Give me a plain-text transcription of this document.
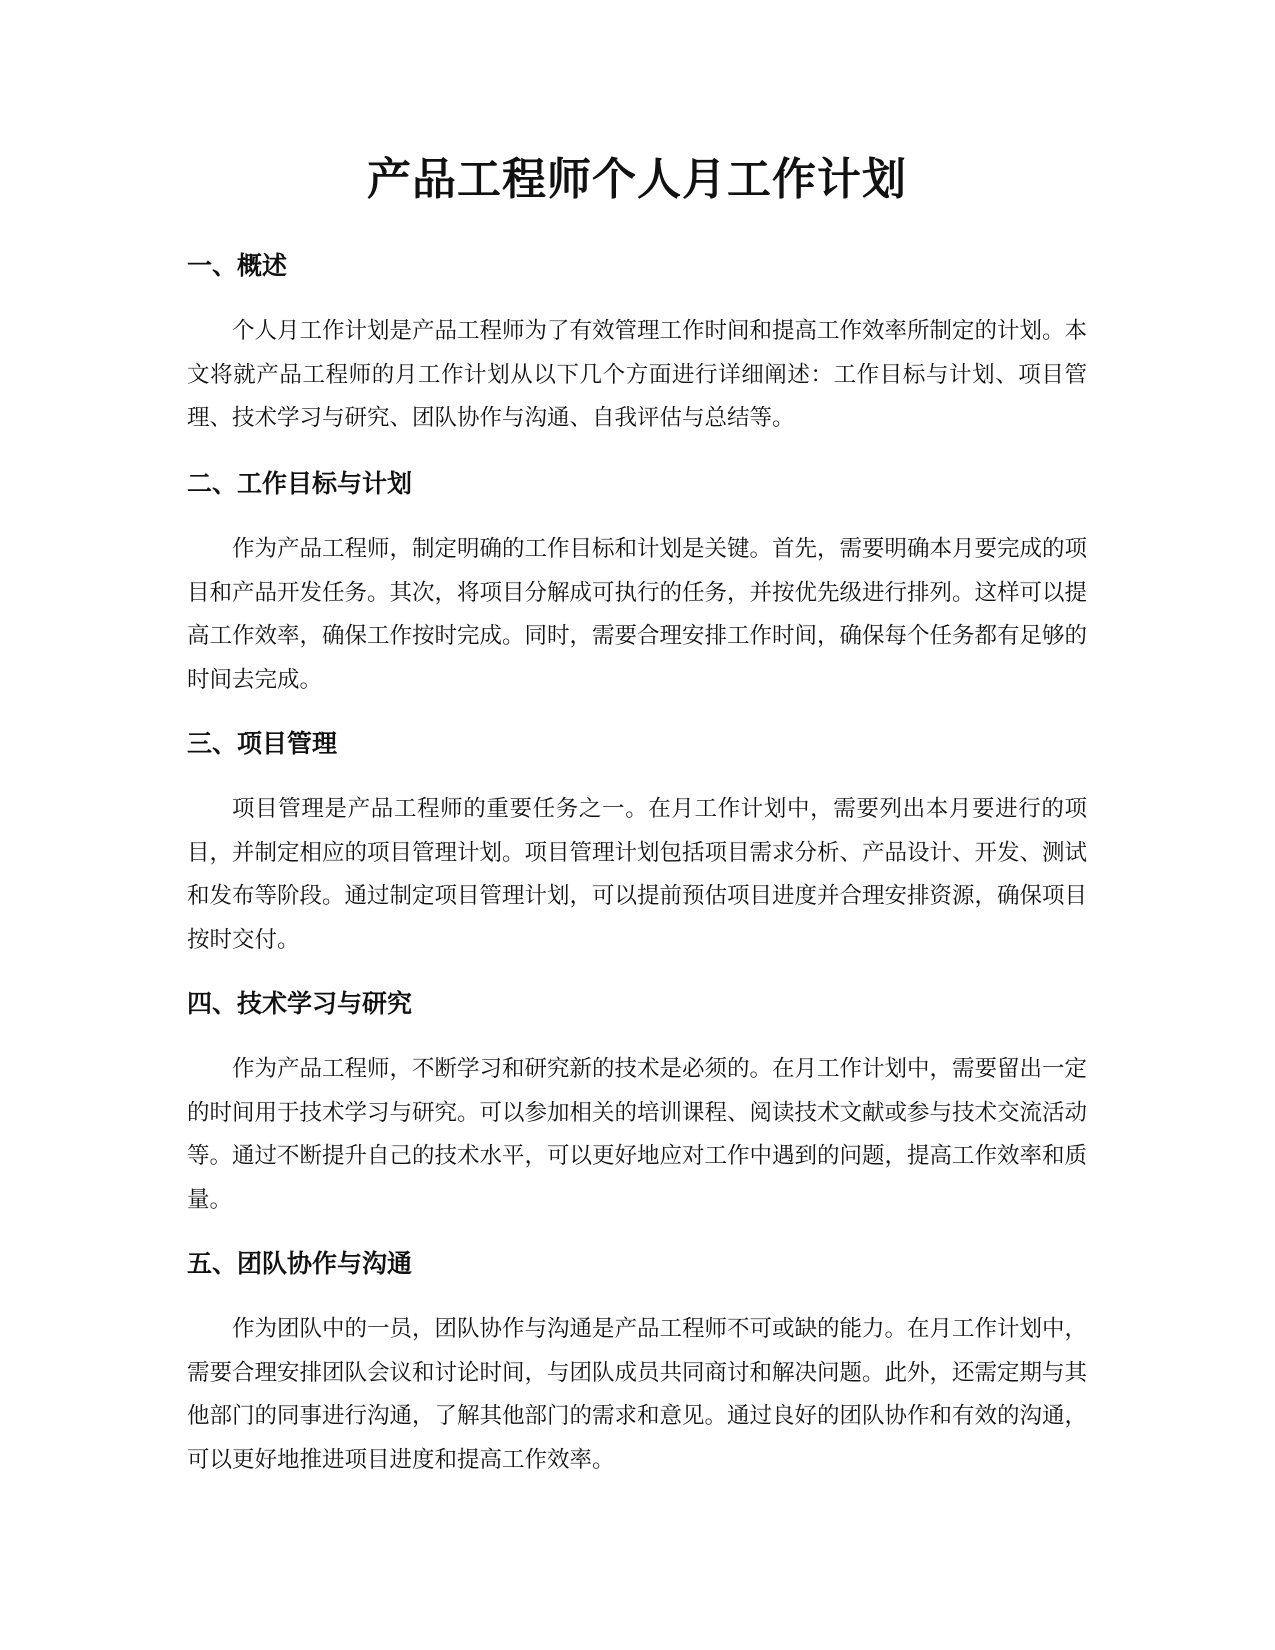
产品工程师个人月工作计划
一、概述

个人月工作计划是产品工程师为了有效管理工作时间和提高工作效率所制定的计划。本文将就产品工程师的月工作计划从以下几个方面进行详细阐述：工作目标与计划、项目管理、技术学习与研究、团队协作与沟通、自我评估与总结等。

二、工作目标与计划

作为产品工程师，制定明确的工作目标和计划是关键。首先，需要明确本月要完成的项目和产品开发任务。其次，将项目分解成可执行的任务，并按优先级进行排列。这样可以提高工作效率，确保工作按时完成。同时，需要合理安排工作时间，确保每个任务都有足够的时间去完成。

三、项目管理

项目管理是产品工程师的重要任务之一。在月工作计划中，需要列出本月要进行的项目，并制定相应的项目管理计划。项目管理计划包括项目需求分析、产品设计、开发、测试和发布等阶段。通过制定项目管理计划，可以提前预估项目进度并合理安排资源，确保项目按时交付。

四、技术学习与研究

作为产品工程师，不断学习和研究新的技术是必须的。在月工作计划中，需要留出一定的时间用于技术学习与研究。可以参加相关的培训课程、阅读技术文献或参与技术交流活动等。通过不断提升自己的技术水平，可以更好地应对工作中遇到的问题，提高工作效率和质量。

五、团队协作与沟通

作为团队中的一员，团队协作与沟通是产品工程师不可或缺的能力。在月工作计划中，需要合理安排团队会议和讨论时间，与团队成员共同商讨和解决问题。此外，还需定期与其他部门的同事进行沟通，了解其他部门的需求和意见。通过良好的团队协作和有效的沟通，可以更好地推进项目进度和提高工作效率。
